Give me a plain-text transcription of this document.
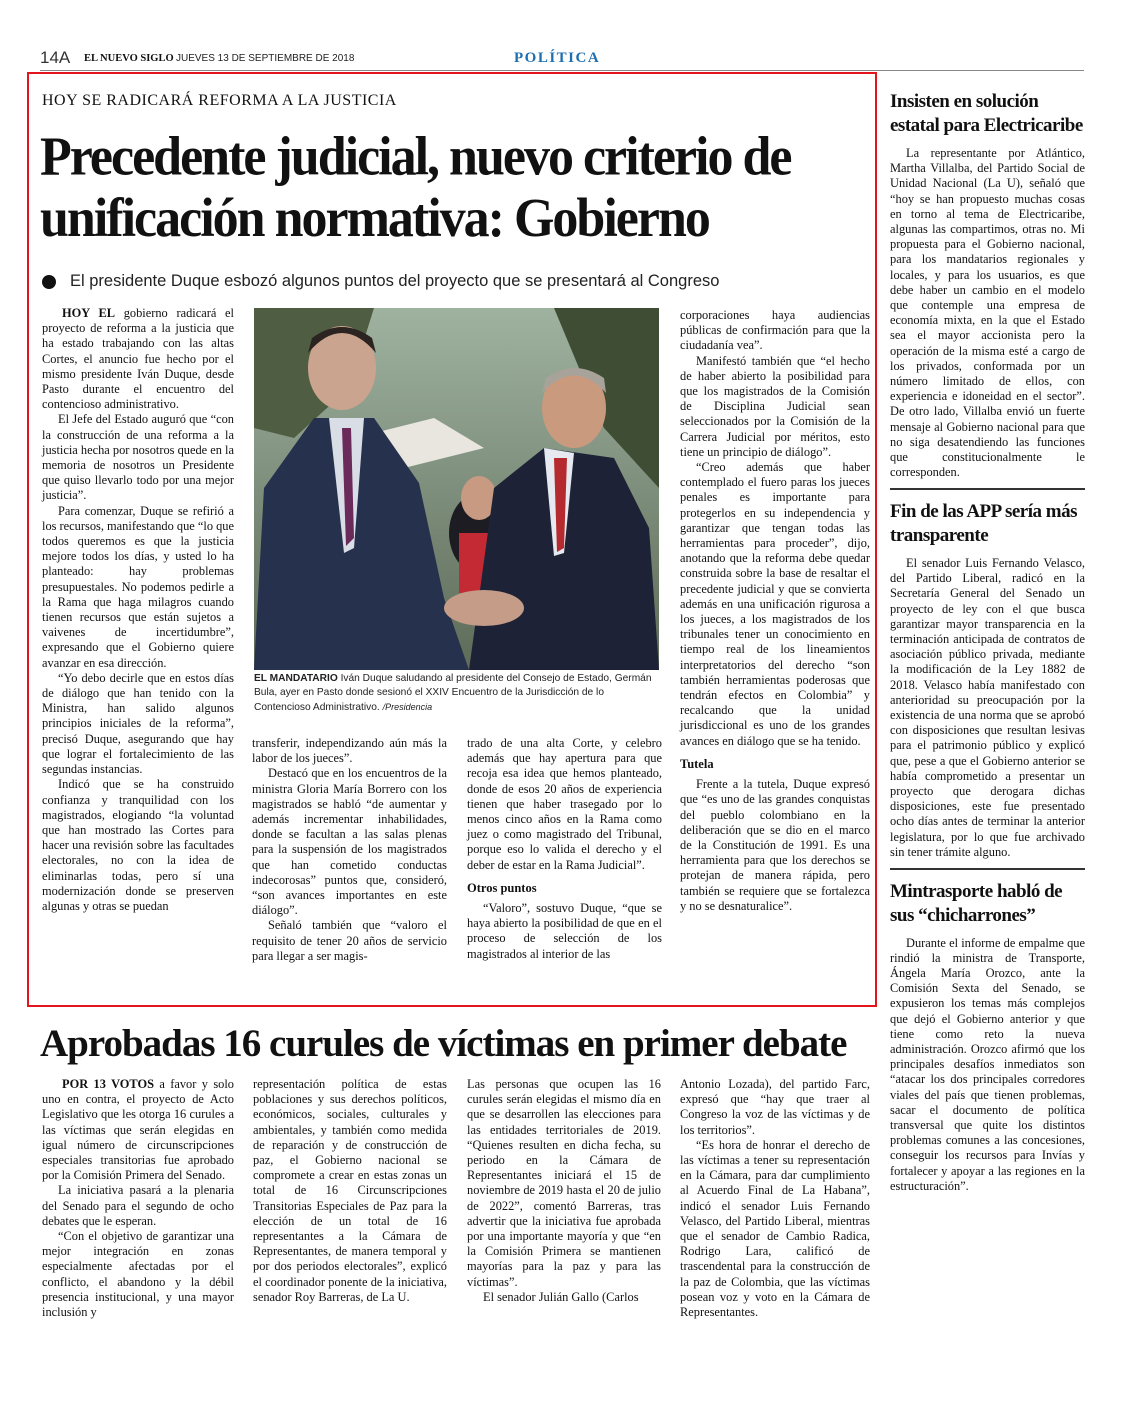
14A EL NUEVO SIGLO JUEVES 13 DE SEPTIEMBRE DE 2018	POLÍTICA
HOY SE RADICARÁ REFORMA A LA JUSTICIA
Precedente judicial, nuevo criterio de unificación normativa: Gobierno
El presidente Duque esbozó algunos puntos del proyecto que se presentará al Congreso

HOY EL gobierno radicará el proyecto de reforma a la justicia que ha estado trabajando con las altas Cortes, el anuncio fue hecho por el mismo presidente Iván Duque, desde Pasto durante el encuentro del contencioso administrativo.

El Jefe del Estado auguró que “con la construcción de una reforma a la justicia hecha por nosotros quede en la memoria de nosotros un Presidente que quiso llevarlo todo por una mejor justicia”.

Para comenzar, Duque se refirió a los recursos, manifestando que “lo que todos queremos es que la justicia mejore todos los días, y usted lo ha planteado: hay problemas presupuestales. No podemos pedirle a la Rama que haga milagros cuando tienen recursos que están sujetos a vaivenes de incertidumbre”, expresando que el Gobierno quiere avanzar en esa dirección.

“Yo debo decirle que en estos días de diálogo que han tenido con la Ministra, han salido algunos principios iniciales de la reforma”, precisó Duque, asegurando que hay que lograr el fortalecimiento de las segundas instancias.

Indicó que se ha construido confianza y tranquilidad con los magistrados, elogiando “la voluntad que han mostrado las Cortes para hacer una revisión sobre las facultades electorales, no con la idea de eliminarlas todas, pero sí una modernización donde se preserven algunas y otras se puedan

EL MANDATARIO Iván Duque saludando al presidente del Consejo de Estado, Germán Bula, ayer en Pasto donde sesionó el XXIV Encuentro de la Jurisdicción de lo Contencioso Administrativo. /Presidencia

transferir, independizando aún más la labor de los jueces”.

Destacó que en los encuentros de la ministra Gloria María Borrero con los magistrados se habló “de aumentar y además incrementar inhabilidades, donde se facultan a las salas plenas para la suspensión de los magistrados que han cometido conductas indecorosas” puntos que, consideró, “son avances importantes en este diálogo”.

Señaló también que “valoro el requisito de tener 20 años de servicio para llegar a ser magis-

trado de una alta Corte, y celebro además que hay apertura para que recoja esa idea que hemos planteado, donde de esos 20 años de experiencia tienen que haber trasegado por lo menos cinco años en la Rama como juez o como magistrado del Tribunal, porque eso lo valida el derecho y el deber de estar en la Rama Judicial”.

Otros puntos

“Valoro”, sostuvo Duque, “que se haya abierto la posibilidad de que en el proceso de selección de los magistrados al interior de las

corporaciones haya audiencias públicas de confirmación para que la ciudadanía vea”.

Manifestó también que “el hecho de haber abierto la posibilidad para que los magistrados de la Comisión de Disciplina Judicial sean seleccionados por la Comisión de la Carrera Judicial por méritos, esto tiene un principio de diálogo”.

“Creo además que haber contemplado el fuero paras los jueces penales es importante para protegerlos en su independencia y garantizar que tengan todas las herramientas para proceder”, dijo, anotando que la reforma debe quedar construida sobre la base de resaltar el precedente judicial y que se convierta además en una unificación rigurosa a los jueces, a los magistrados de los tribunales tener un conocimiento en tiempo real de los lineamientos interpretatorios del derecho “son también herramientas poderosas que tendrán efectos en Colombia” y recalcando que la unidad jurisdiccional es uno de los grandes avances en diálogo que se ha tenido.

Tutela

Frente a la tutela, Duque expresó que “es uno de las grandes conquistas del pueblo colombiano en la deliberación que se dio en el marco de la Constitución de 1991. Es una herramienta para que los derechos se protejan de manera rápida, pero también se requiere que se fortalezca y no se desnaturalice”.

Aprobadas 16 curules de víctimas en primer debate

POR 13 VOTOS a favor y solo uno en contra, el proyecto de Acto Legislativo que les otorga 16 curules a las víctimas que serán elegidas en igual número de circunscripciones especiales transitorias fue aprobado por la Comisión Primera del Senado.

La iniciativa pasará a la plenaria del Senado para el segundo de ocho debates que le esperan.

“Con el objetivo de garantizar una mejor integración en zonas especialmente afectadas por el conflicto, el abandono y la débil presencia institucional, y una mayor inclusión y

representación política de estas poblaciones y sus derechos políticos, económicos, sociales, culturales y ambientales, y también como medida de reparación y de construcción de paz, el Gobierno nacional se compromete a crear en estas zonas un total de 16 Circunscripciones Transitorias Especiales de Paz para la elección de un total de 16 representantes a la Cámara de Representantes, de manera temporal y por dos periodos electorales”, explicó el coordinador ponente de la iniciativa, senador Roy Barreras, de La U.

Las personas que ocupen las 16 curules serán elegidas el mismo día en que se desarrollen las elecciones para las entidades territoriales de 2019. “Quienes resulten en dicha fecha, su periodo en la Cámara de Representantes iniciará el 15 de noviembre de 2019 hasta el 20 de julio de 2022”, comentó Barreras, tras advertir que la iniciativa fue aprobada por una importante mayoría y que “en la Comisión Primera se mantienen mayorías para la paz y para las víctimas”.

El senador Julián Gallo (Carlos

Antonio Lozada), del partido Farc, expresó que “hay que traer al Congreso la voz de las víctimas y de los territorios”.

“Es hora de honrar el derecho de las víctimas a tener su representación en la Cámara, para dar cumplimiento al Acuerdo Final de La Habana”, indicó el senador Luis Fernando Velasco, del Partido Liberal, mientras que el senador de Cambio Radica, Rodrigo Lara, calificó de trascendental para la construcción de la paz de Colombia, que las víctimas posean voz y voto en la Cámara de Representantes.

Insisten en solución estatal para Electricaribe

La representante por Atlántico, Martha Villalba, del Partido Social de Unidad Nacional (La U), señaló que “hoy se han propuesto muchas cosas en torno al tema de Electricaribe, algunas las compartimos, otras no. Mi propuesta para el Gobierno nacional, para los mandatarios regionales y locales, y para los usuarios, es que debe haber un cambio en el modelo que contemple una empresa de economía mixta, en la que el Estado sea el mayor accionista pero la operación de la misma esté a cargo de los privados, conformada por un número limitado de ellos, con experiencia e idoneidad en el sector”. De otro lado, Villalba envió un fuerte mensaje al Gobierno nacional para que no siga desatendiendo las funciones que constitucionalmente le corresponden.

Fin de las APP sería más transparente

El senador Luis Fernando Velasco, del Partido Liberal, radicó en la Secretaría General del Senado un proyecto de ley con el que busca garantizar mayor transparencia en la terminación anticipada de contratos de asociación público privada, mediante la modificación de la Ley 1882 de 2018. Velasco había manifestado con anterioridad su preocupación por la existencia de una norma que se aprobó con disposiciones que resultan lesivas para el patrimonio público y explicó que, pese a que el Gobierno anterior se había comprometido a presentar un proyecto que derogara dichas disposiciones, este fue presentado ocho días antes de terminar la anterior legislatura, por lo que fue archivado sin tener trámite alguno.

Mintrasporte habló de sus “chicharrones”

Durante el informe de empalme que rindió la ministra de Transporte, Ángela María Orozco, ante la Comisión Sexta del Senado, se expusieron los temas más complejos que dejó el Gobierno anterior y que tiene como reto la nueva administración. Orozco afirmó que los principales desafíos inmediatos son “atacar los dos principales corredores viales del país que tienen problemas, sacar el documento de política transversal que quite los distintos problemas comunes a las concesiones, conseguir los recursos para Invías y fortalecer y apoyar a las regiones en la estructuración”.
